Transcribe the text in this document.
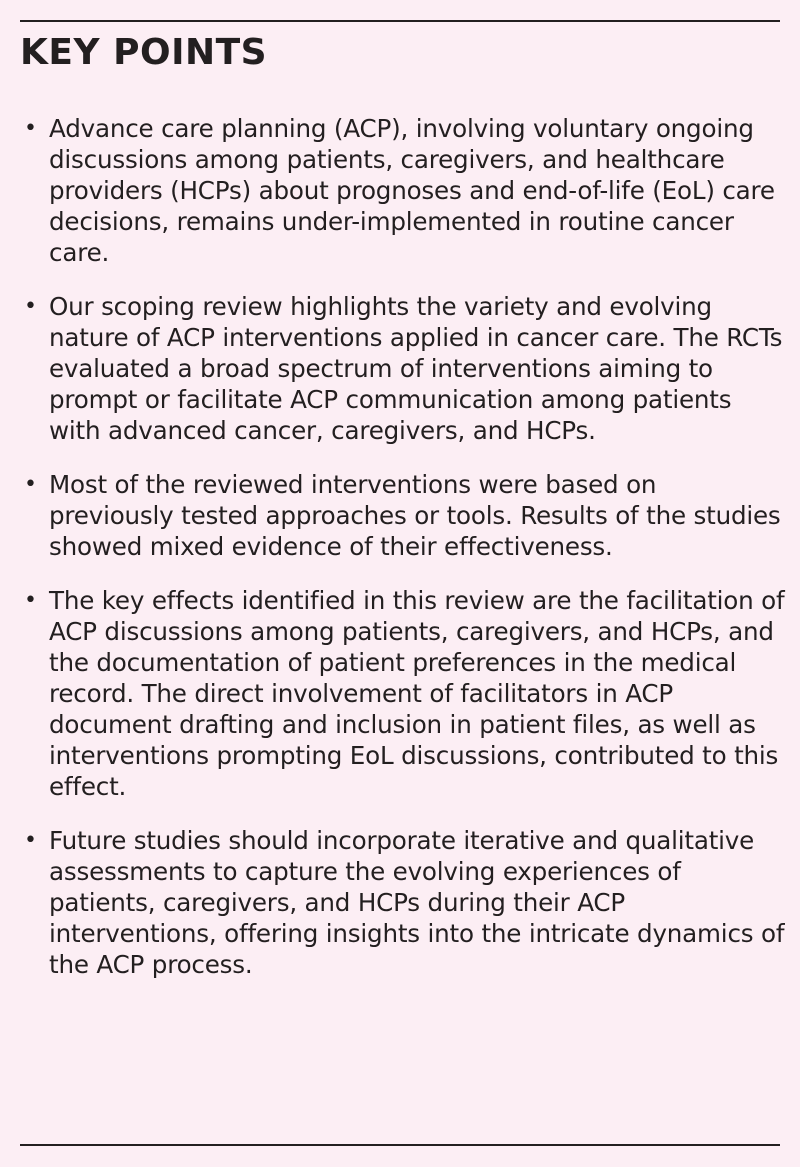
KEY POINTS
• Advance care planning (ACP), involving voluntary ongoing discussions among patients, caregivers, and healthcare providers (HCPs) about prognoses and end-of-life (EoL) care decisions, remains under-implemented in routine cancer care.
• Our scoping review highlights the variety and evolving nature of ACP interventions applied in cancer care. The RCTs evaluated a broad spectrum of interventions aiming to prompt or facilitate ACP communication among patients with advanced cancer, caregivers, and HCPs.
• Most of the reviewed interventions were based on previously tested approaches or tools. Results of the studies showed mixed evidence of their effectiveness.
• The key effects identified in this review are the facilitation of ACP discussions among patients, caregivers, and HCPs, and the documentation of patient preferences in the medical record. The direct involvement of facilitators in ACP document drafting and inclusion in patient files, as well as interventions prompting EoL discussions, contributed to this effect.
• Future studies should incorporate iterative and qualitative assessments to capture the evolving experiences of patients, caregivers, and HCPs during their ACP interventions, offering insights into the intricate dynamics of the ACP process.
